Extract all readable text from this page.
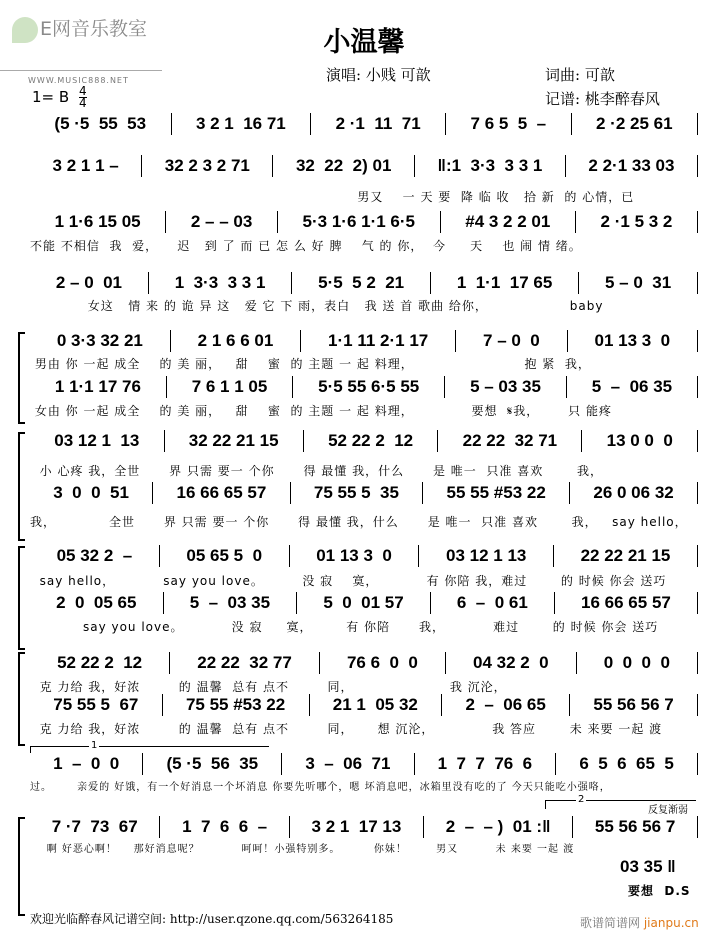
E网音乐教室
WWW.MUSIC888.NET
小温馨
1= B 4
4
演唱: 小贱 可歆	词曲: 可歆
记谱: 桃李醉春风
(5 ·5  55  53	3 2 1  16 71	2 ·1  11  71	7 6 5  5  –	2 ·2 25 61
3 2 1 1 –	32 2 3 2 71	32  22  2) 01	‖:1  3·3  3 3 1	2 2·1 33 03
男又    一 天 要  降 临 收   拾 新  的 心情，已
1 1·6 15 05	2 – – 03	5·3 1·6 1·1 6·5	#4 3 2 2 01	2 ·1 5 3 2
不能 不相信  我  爱，    迟   到 了 而 已 怎 么 好 脾    气 的 你，  今     天    也 闹 情 绪。
2 – 0  01	1  3·3  3 3 1	5·5  5 2  21	1  1·1  17 65	5 – 0  31
女这   情 来 的 诡 异 这   爱 它 下 雨，表白   我 送 首 歌曲 给你，                 baby
0 3·3 32 21	2 1 6 6 01	1·1 11 2·1 17	7 – 0  0	01 13 3  0
男由 你 一起 成全    的 美 丽，   甜    蜜  的 主题 一 起 料理，                       抱 紧  我，
1 1·1 17 76	7 6 1 1 05	5·5 55 6·5 55	5 – 03 35	5  –  06 35
女由 你 一起 成全    的 美 丽，   甜    蜜  的 主题 一 起 料理，            要想  𝄋我，      只 能疼
03 12 1  13	32 22 21 15	52 22 2  12	22 22  32 71	13 0 0  0
小 心疼 我，全世      界 只需 要一 个你      得 最懂 我，什么      是 唯一  只准 喜欢       我，
3  0  0  51	16 66 65 57	75 55 5  35	55 55 #53 22	26 0 06 32
我，           全世      界 只需 要一 个你      得 最懂 我，什么      是 唯一  只准 喜欢       我，   say hello，
05 32 2  –	05 65 5  0	01 13 3  0	03 12 1 13	22 22 21 15
say hello，          say you love。        没 寂    寞，          有 你陪 我，难过       的 时候 你会 送巧
2  0  05 65	5  –  03 35	5  0  01 57	6  –  0 61	16 66 65 57
say you love。          没 寂     寞，       有 你陪      我，          难过       的 时候 你会 送巧
52 22 2  12	22 22  32 77	76 6  0  0	04 32 2  0	0  0  0  0
克 力给 我，好浓        的 温馨  总有 点不        同，                    我 沉沦，
75 55 5  67	75 55 #53 22	21 1  05 32	2  –  06 65	55 56 56 7
克 力给 我，好浓        的 温馨  总有 点不        同，     想 沉沦，            我 答应       未 来要 一起 渡
1  –  0  0	(5 ·5  56  35	3  –  06  71	1  7  7  76  6	6  5  6  65  5
过。      亲爱的 好饿，有一个好消息一个坏消息 你要先听哪个，嗯 坏消息吧，冰箱里没有吃的了 今天只能吃小强咯，
7 ·7  73  67	1  7  6  6  –	3 2 1  17 13	2  –  – )  01 :‖	55 56 56 7
啊 好恶心啊！    那好消息呢？          呵呵！小强特别多。        你妹！       男又         未 来要 一起 渡
1
2
反复渐弱
03 35 ‖
要想  D.S
欢迎光临醉春风记谱空间: http://user.qzone.qq.com/563264185	歌谱简谱网 jianpu.cn
